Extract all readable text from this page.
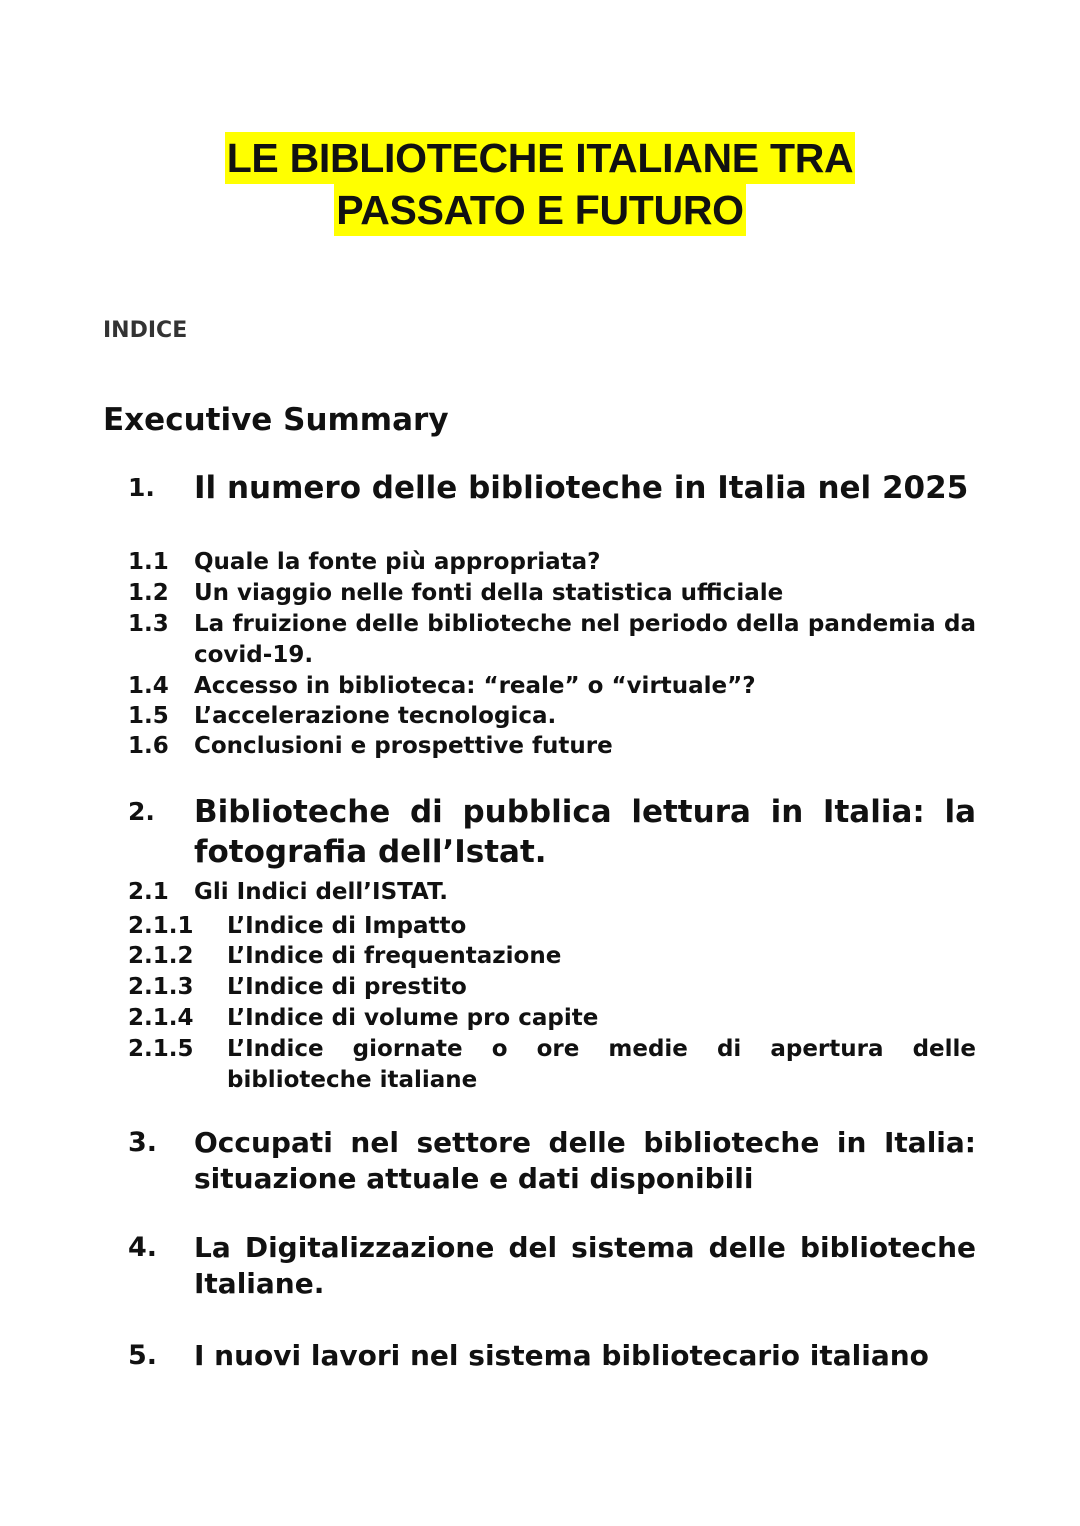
LE BIBLIOTECHE ITALIANE TRA
PASSATO E FUTURO
INDICE
Executive Summary
1. Il numero delle biblioteche in Italia nel 2025
1.1 Quale la fonte più appropriata?
1.2 Un viaggio nelle fonti della statistica ufficiale
1.3 La fruizione delle biblioteche nel periodo della pandemia da covid-19.
1.4 Accesso in biblioteca: “reale” o “virtuale”?
1.5 L’accelerazione tecnologica.
1.6 Conclusioni e prospettive future
2. Biblioteche di pubblica lettura in Italia: la fotografia dell’Istat.
2.1 Gli Indici dell’ISTAT.
2.1.1 L’Indice di Impatto
2.1.2 L’Indice di frequentazione
2.1.3 L’Indice di prestito
2.1.4 L’Indice di volume pro capite
2.1.5 L’Indice giornate o ore medie di apertura delle biblioteche italiane
3. Occupati nel settore delle biblioteche in Italia: situazione attuale e dati disponibili
4. La Digitalizzazione del sistema delle biblioteche Italiane.
5. I nuovi lavori nel sistema bibliotecario italiano
